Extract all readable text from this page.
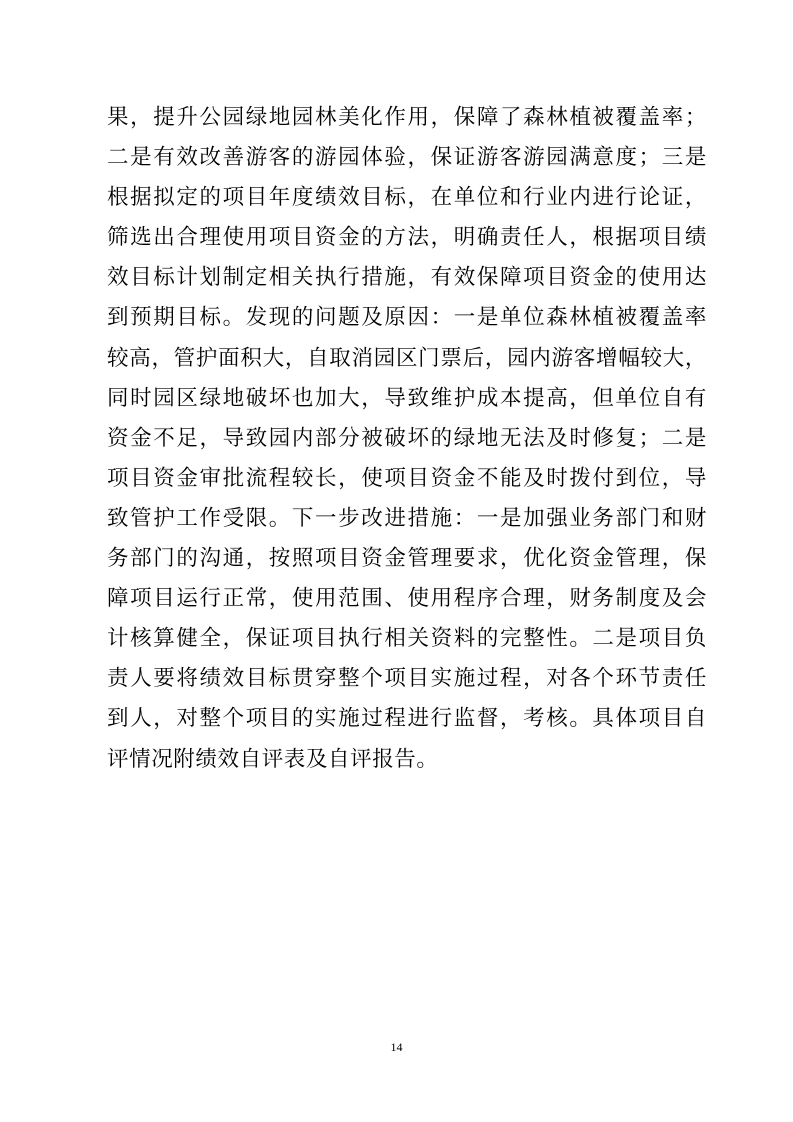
果，提升公园绿地园林美化作用，保障了森林植被覆盖率；
二是有效改善游客的游园体验，保证游客游园满意度；三是
根据拟定的项目年度绩效目标，在单位和行业内进行论证，
筛选出合理使用项目资金的方法，明确责任人，根据项目绩
效目标计划制定相关执行措施，有效保障项目资金的使用达
到预期目标。发现的问题及原因：一是单位森林植被覆盖率
较高，管护面积大，自取消园区门票后，园内游客增幅较大，
同时园区绿地破坏也加大，导致维护成本提高，但单位自有
资金不足，导致园内部分被破坏的绿地无法及时修复；二是
项目资金审批流程较长，使项目资金不能及时拨付到位，导
致管护工作受限。下一步改进措施：一是加强业务部门和财
务部门的沟通，按照项目资金管理要求，优化资金管理，保
障项目运行正常，使用范围、使用程序合理，财务制度及会
计核算健全，保证项目执行相关资料的完整性。二是项目负
责人要将绩效目标贯穿整个项目实施过程，对各个环节责任
到人，对整个项目的实施过程进行监督，考核。具体项目自
评情况附绩效自评表及自评报告。
14
